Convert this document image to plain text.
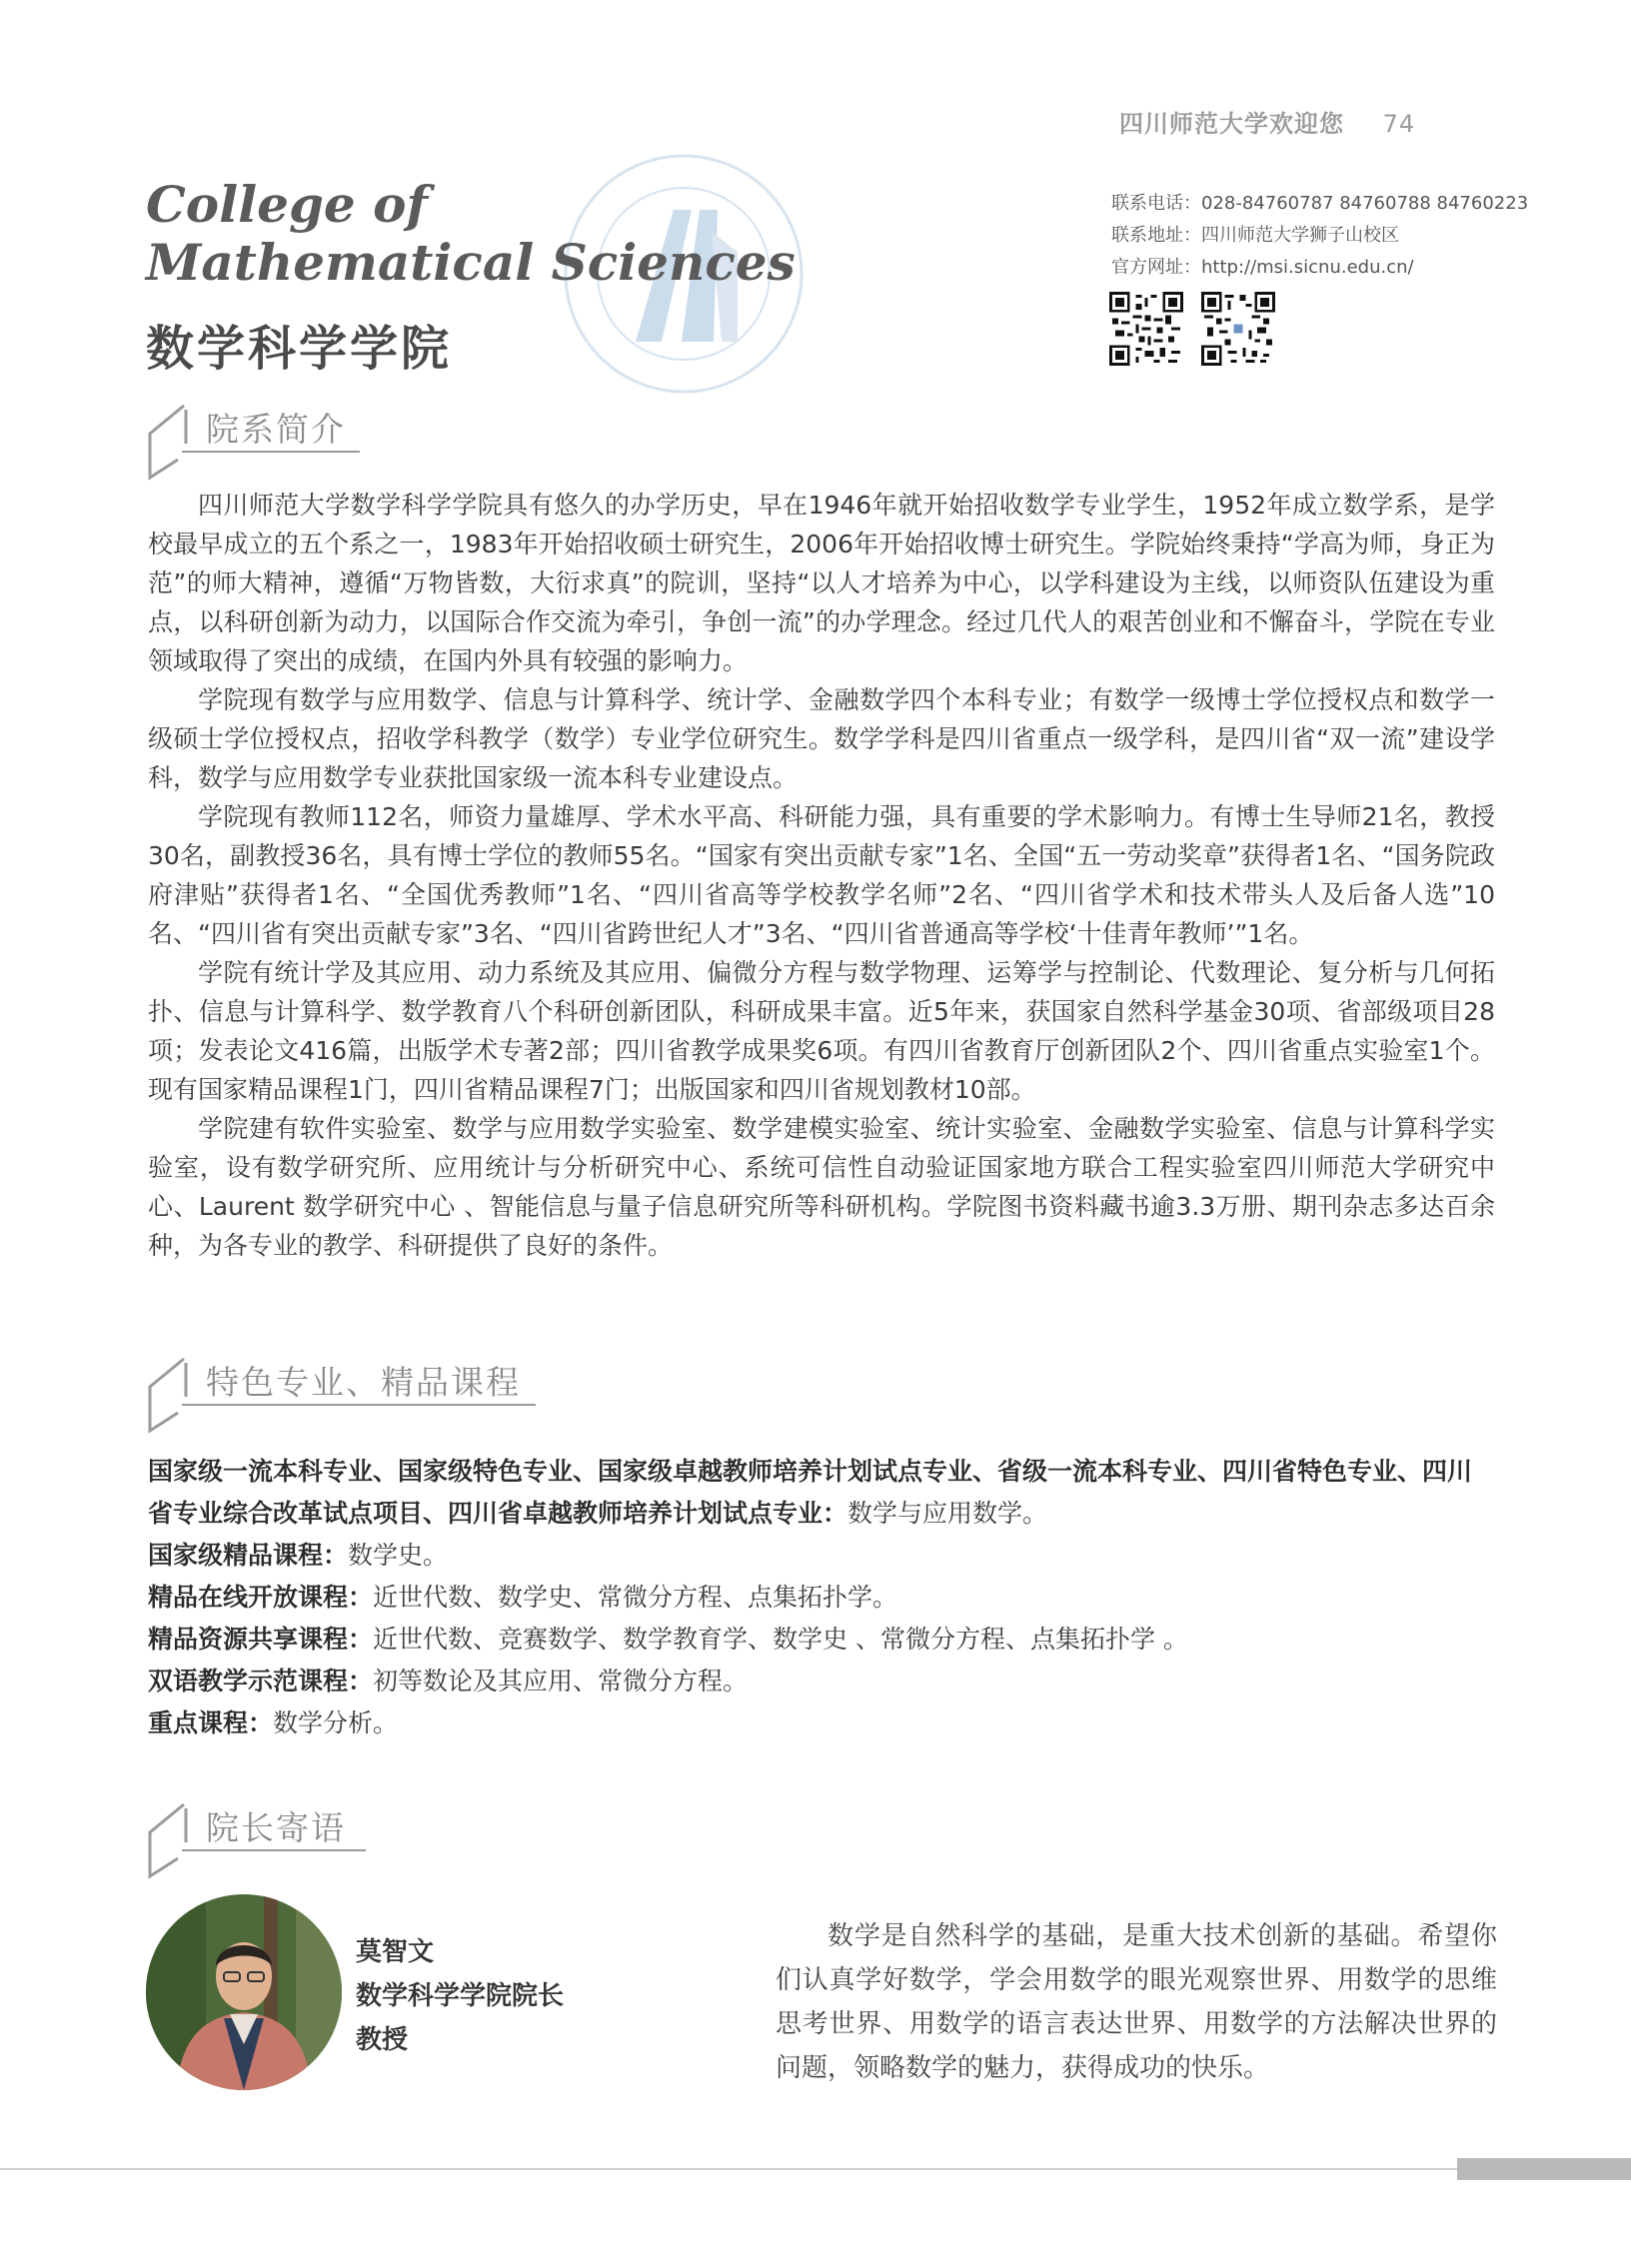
四川师范大学欢迎您 74
College of
Mathematical Sciences
数学科学学院
联系电话：028-84760787 84760788 84760223
联系地址：四川师范大学狮子山校区
官方网址：http://msi.sicnu.edu.cn/
院系简介

四川师范大学数学科学学院具有悠久的办学历史，早在1946年就开始招收数学专业学生，1952年成立数学系，是学校最早成立的五个系之一，1983年开始招收硕士研究生，2006年开始招收博士研究生。学院始终秉持“学高为师，身正为范”的师大精神，遵循“万物皆数，大衍求真”的院训，坚持“以人才培养为中心，以学科建设为主线，以师资队伍建设为重点，以科研创新为动力，以国际合作交流为牵引，争创一流”的办学理念。经过几代人的艰苦创业和不懈奋斗，学院在专业领域取得了突出的成绩，在国内外具有较强的影响力。

学院现有数学与应用数学、信息与计算科学、统计学、金融数学四个本科专业；有数学一级博士学位授权点和数学一级硕士学位授权点，招收学科教学（数学）专业学位研究生。数学学科是四川省重点一级学科，是四川省“双一流”建设学科，数学与应用数学专业获批国家级一流本科专业建设点。

学院现有教师112名，师资力量雄厚、学术水平高、科研能力强，具有重要的学术影响力。有博士生导师21名，教授30名，副教授36名，具有博士学位的教师55名。“国家有突出贡献专家”1名、全国“五一劳动奖章”获得者1名、“国务院政府津贴”获得者1名、“全国优秀教师”1名、“四川省高等学校教学名师”2名、“四川省学术和技术带头人及后备人选”10名、“四川省有突出贡献专家”3名、“四川省跨世纪人才”3名、“四川省普通高等学校‘十佳青年教师’”1名。

学院有统计学及其应用、动力系统及其应用、偏微分方程与数学物理、运筹学与控制论、代数理论、复分析与几何拓扑、信息与计算科学、数学教育八个科研创新团队，科研成果丰富。近5年来，获国家自然科学基金30项、省部级项目28项；发表论文416篇，出版学术专著2部；四川省教学成果奖6项。有四川省教育厅创新团队2个、四川省重点实验室1个。现有国家精品课程1门，四川省精品课程7门；出版国家和四川省规划教材10部。

学院建有软件实验室、数学与应用数学实验室、数学建模实验室、统计实验室、金融数学实验室、信息与计算科学实验室，设有数学研究所、应用统计与分析研究中心、系统可信性自动验证国家地方联合工程实验室四川师范大学研究中心、Laurent 数学研究中心 、智能信息与量子信息研究所等科研机构。学院图书资料藏书逾3.3万册、期刊杂志多达百余种，为各专业的教学、科研提供了良好的条件。

特色专业、精品课程

国家级一流本科专业、国家级特色专业、国家级卓越教师培养计划试点专业、省级一流本科专业、四川省特色专业、四川省专业综合改革试点项目、四川省卓越教师培养计划试点专业：数学与应用数学。

国家级精品课程：数学史。

精品在线开放课程：近世代数、数学史、常微分方程、点集拓扑学。

精品资源共享课程：近世代数、竞赛数学、数学教育学、数学史 、常微分方程、点集拓扑学 。

双语教学示范课程：初等数论及其应用、常微分方程。

重点课程：数学分析。

院长寄语
莫智文
数学科学学院院长
教授
数学是自然科学的基础，是重大技术创新的基础。希望你们认真学好数学，学会用数学的眼光观察世界、用数学的思维思考世界、用数学的语言表达世界、用数学的方法解决世界的问题，领略数学的魅力，获得成功的快乐。
